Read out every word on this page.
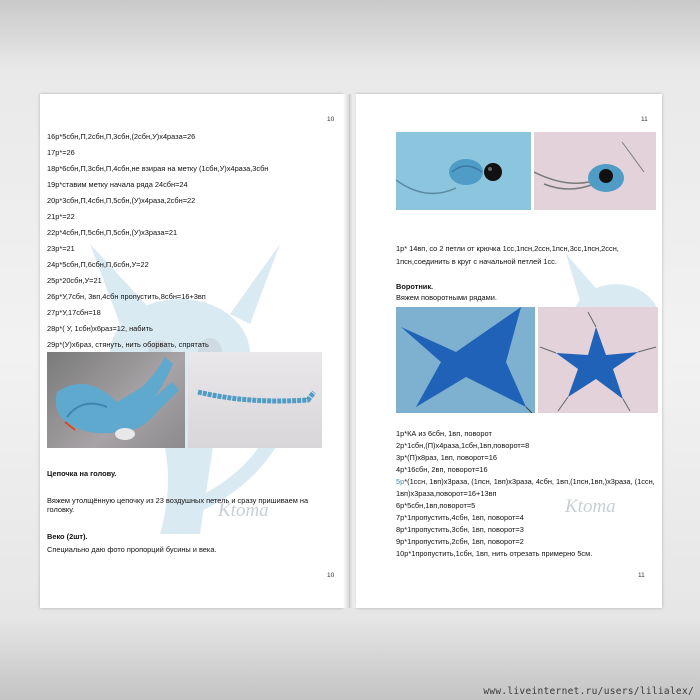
Ktoma
10
16р*5сбн,П,2сбн,П,3сбн,(2сбн,У)х4раза=26
17р*=26
18р*6сбн,П,3сбн,П,4сбн,не взирая на метку (1сбн,У)х4раза,3сбн
19р*ставим метку начала ряда 24сбн=24
20р*3сбн,П,4сбн,П,5сбн,(У)х4раза,2сбн=22
21р*=22
22р*4сбн,П,5сбн,П,5сбн,(У)х3раза=21
23р*=21
24р*5сбн,П,6сбн,П,6сбн,У=22
25р*20сбн,У=21
26р*У,7сбн, 3вп,4сбн пропустить,8сбн=16+3вп
27р*У,17сбн=18
28р*( У, 1сбн)х6раз=12, набить
29р*(У)х6раз, стянуть, нить оборвать, спрятать
Цепочка на голову.
Вяжем утолщённую цепочку из 23 воздушных петель и сразу пришиваем на головку.
Веко (2шт).
Специально даю фото пропорций бусины и века.
10
Ktoma
11
1р* 14вп, со 2 петли от крючка 1сс,1псн,2ссн,1псн,3сс,1псн,2ссн,
1псн,соединить в круг с начальной петлей 1сс.
Воротник.
Вяжем поворотными рядами.
1р*КА из 6сбн, 1вп, поворот
2р*1сбн,(П)х4раза,1сбн,1вп,поворот=8
3р*(П)х8раз, 1вп, поворот=16
4р*16сбн, 2вп, поворот=16
5р*(1ссн, 1вп)х3раза, (1псн, 1вп)х3раза, 4сбн, 1вп,(1псн,1вп,)х3раза, (1ссн,
1вп)х3раза,поворот=16+13вп
6р*5сбн,1вп,поворот=5
7р*1пропустить,4сбн, 1вп, поворот=4
8р*1пропустить,3сбн, 1вп, поворот=3
9р*1пропустить,2сбн, 1вп, поворот=2
10р*1пропустить,1сбн, 1вп, нить отрезать примерно 5см.
11
www.liveinternet.ru/users/lilialex/
